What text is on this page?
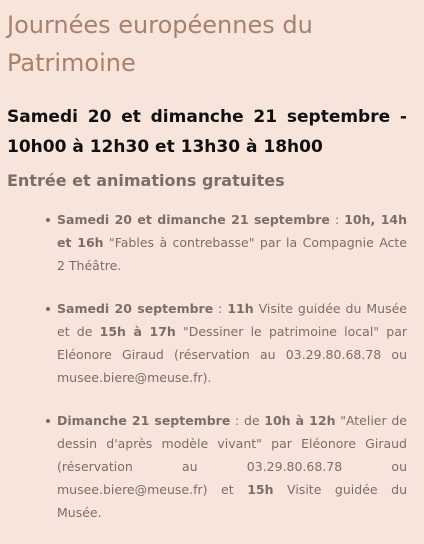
Journées européennes du
Patrimoine
Samedi 20 et dimanche 21 septembre - 10h00 à 12h30 et 13h30 à 18h00
Entrée et animations gratuites
Samedi 20 et dimanche 21 septembre : 10h, 14h et 16h "Fables à contrebasse" par la Compagnie Acte 2 Théâtre.
Samedi 20 septembre : 11h Visite guidée du Musée et de 15h à 17h "Dessiner le patrimoine local" par Eléonore Giraud (réservation au 03.29.80.68.78 ou musee.biere@meuse.fr).
Dimanche 21 septembre : de 10h à 12h "Atelier de dessin d'après modèle vivant" par Eléonore Giraud (réservation au 03.29.80.68.78 ou musee.biere@meuse.fr) et 15h Visite guidée du Musée.
